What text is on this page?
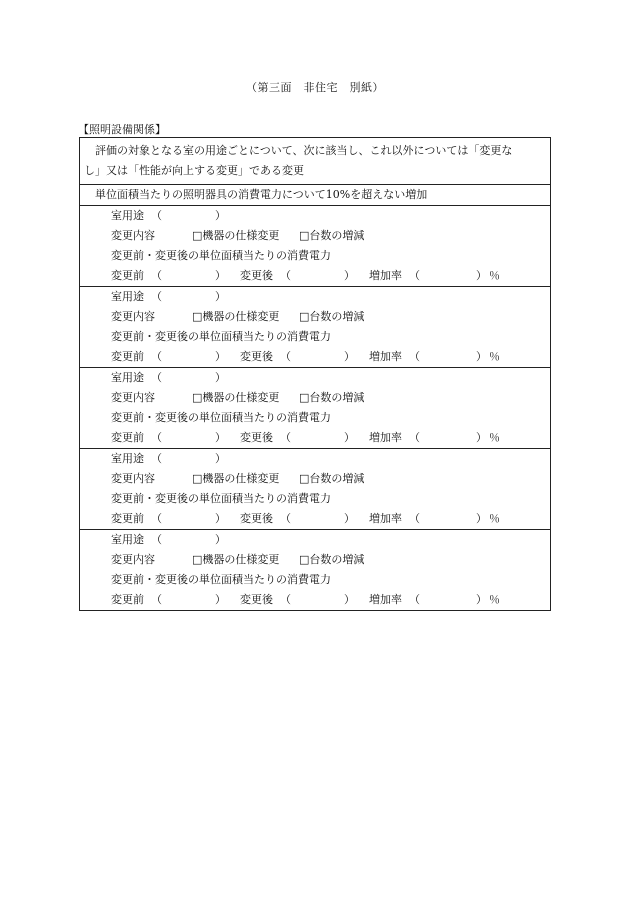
（第三面　非住宅　別紙）
【照明設備関係】
評価の対象となる室の用途ごとについて、次に該当し、これ以外については「変更な
し」又は「性能が向上する変更」である変更
単位面積当たりの照明器具の消費電力について10%を超えない増加
室用途 （	）
変更内容	□機器の仕様変更 □台数の増減
変更前・変更後の単位面積当たりの消費電力
変更前 （	） 変更後 （	） 増加率 （	） ％
室用途 （	）
変更内容	□機器の仕様変更 □台数の増減
変更前・変更後の単位面積当たりの消費電力
変更前 （	） 変更後 （	） 増加率 （	） ％
室用途 （	）
変更内容	□機器の仕様変更 □台数の増減
変更前・変更後の単位面積当たりの消費電力
変更前 （	） 変更後 （	） 増加率 （	） ％
室用途 （	）
変更内容	□機器の仕様変更 □台数の増減
変更前・変更後の単位面積当たりの消費電力
変更前 （	） 変更後 （	） 増加率 （	） ％
室用途 （	）
変更内容	□機器の仕様変更 □台数の増減
変更前・変更後の単位面積当たりの消費電力
変更前 （	） 変更後 （	） 増加率 （	） ％
